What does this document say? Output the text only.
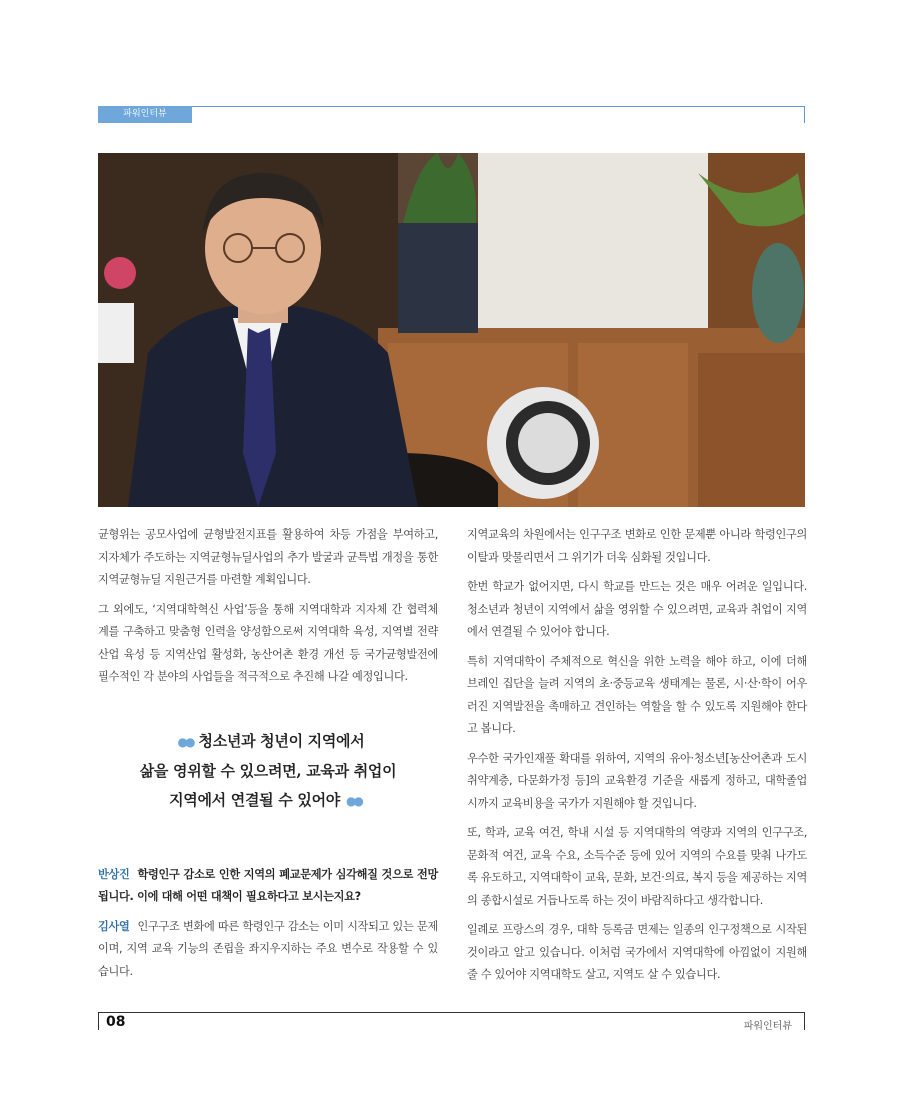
파워인터뷰

균형위는 공모사업에 균형발전지표를 활용하여 차등 가점을 부여하고, 지자체가 주도하는 지역균형뉴딜사업의 추가 발굴과 균특법 개정을 통한 지역균형뉴딜 지원근거를 마련할 계획입니다.

그 외에도, ‘지역대학혁신 사업’등을 통해 지역대학과 지자체 간 협력체계를 구축하고 맞춤형 인력을 양성함으로써 지역대학 육성, 지역별 전략산업 육성 등 지역산업 활성화, 농산어촌 환경 개선 등 국가균형발전에 필수적인 각 분야의 사업들을 적극적으로 추진해 나갈 예정입니다.

●● 청소년과 청년이 지역에서
삶을 영위할 수 있으려면, 교육과 취업이
지역에서 연결될 수 있어야 ●●

반상진 학령인구 감소로 인한 지역의 폐교문제가 심각해질 것으로 전망됩니다. 이에 대해 어떤 대책이 필요하다고 보시는지요?

김사열 인구구조 변화에 따른 학령인구 감소는 이미 시작되고 있는 문제이며, 지역 교육 기능의 존립을 좌지우지하는 주요 변수로 작용할 수 있습니다.

지역교육의 차원에서는 인구구조 변화로 인한 문제뿐 아니라 학령인구의 이탈과 맞물리면서 그 위기가 더욱 심화될 것입니다.

한번 학교가 없어지면, 다시 학교를 만드는 것은 매우 어려운 일입니다. 청소년과 청년이 지역에서 삶을 영위할 수 있으려면, 교육과 취업이 지역에서 연결될 수 있어야 합니다.

특히 지역대학이 주체적으로 혁신을 위한 노력을 해야 하고, 이에 더해 브레인 집단을 늘려 지역의 초·중등교육 생태계는 물론, 시·산·학이 어우러진 지역발전을 촉매하고 견인하는 역할을 할 수 있도록 지원해야 한다고 봅니다.

우수한 국가인재풀 확대를 위하여, 지역의 유아·청소년[농산어촌과 도시취약계층, 다문화가정 등]의 교육환경 기준을 새롭게 정하고, 대학졸업 시까지 교육비용을 국가가 지원해야 할 것입니다.

또, 학과, 교육 여건, 학내 시설 등 지역대학의 역량과 지역의 인구구조, 문화적 여건, 교육 수요, 소득수준 등에 있어 지역의 수요를 맞춰 나가도록 유도하고, 지역대학이 교육, 문화, 보건·의료, 복지 등을 제공하는 지역의 종합시설로 거듭나도록 하는 것이 바람직하다고 생각합니다.

일례로 프랑스의 경우, 대학 등록금 면제는 일종의 인구정책으로 시작된 것이라고 알고 있습니다. 이처럼 국가에서 지역대학에 아낌없이 지원해 줄 수 있어야 지역대학도 살고, 지역도 살 수 있습니다.

08	파워인터뷰
